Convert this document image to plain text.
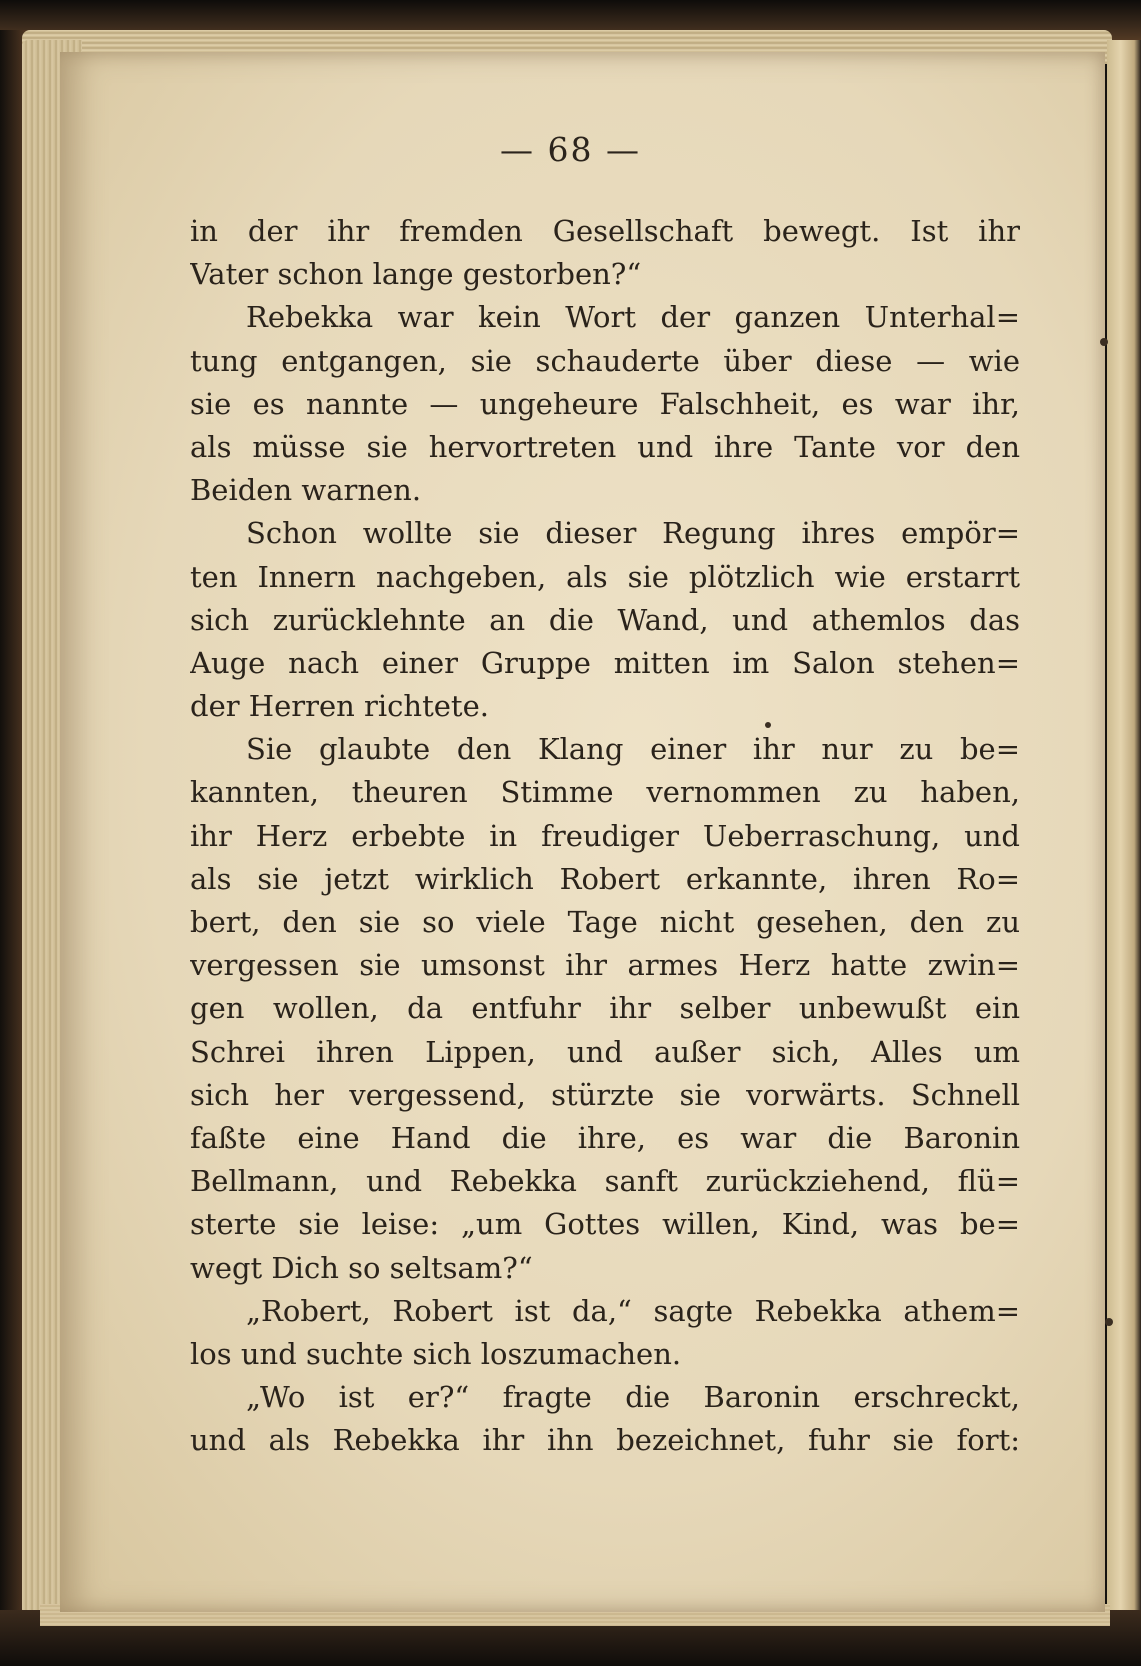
— 68 —

in der ihr fremden Gesellschaft bewegt. Ist ihr
Vater schon lange gestorben?“
Rebekka war kein Wort der ganzen Unterhal=
tung entgangen, sie schauderte über diese — wie
sie es nannte — ungeheure Falschheit, es war ihr,
als müsse sie hervortreten und ihre Tante vor den
Beiden warnen.
Schon wollte sie dieser Regung ihres empör=
ten Innern nachgeben, als sie plötzlich wie erstarrt
sich zurücklehnte an die Wand, und athemlos das
Auge nach einer Gruppe mitten im Salon stehen=
der Herren richtete.
Sie glaubte den Klang einer ihr nur zu be=
kannten, theuren Stimme vernommen zu haben,
ihr Herz erbebte in freudiger Ueberraschung, und
als sie jetzt wirklich Robert erkannte, ihren Ro=
bert, den sie so viele Tage nicht gesehen, den zu
vergessen sie umsonst ihr armes Herz hatte zwin=
gen wollen, da entfuhr ihr selber unbewußt ein
Schrei ihren Lippen, und außer sich, Alles um
sich her vergessend, stürzte sie vorwärts. Schnell
faßte eine Hand die ihre, es war die Baronin
Bellmann, und Rebekka sanft zurückziehend, flü=
sterte sie leise: „um Gottes willen, Kind, was be=
wegt Dich so seltsam?“
„Robert, Robert ist da,“ sagte Rebekka athem=
los und suchte sich loszumachen.
„Wo ist er?“ fragte die Baronin erschreckt,
und als Rebekka ihr ihn bezeichnet, fuhr sie fort:
